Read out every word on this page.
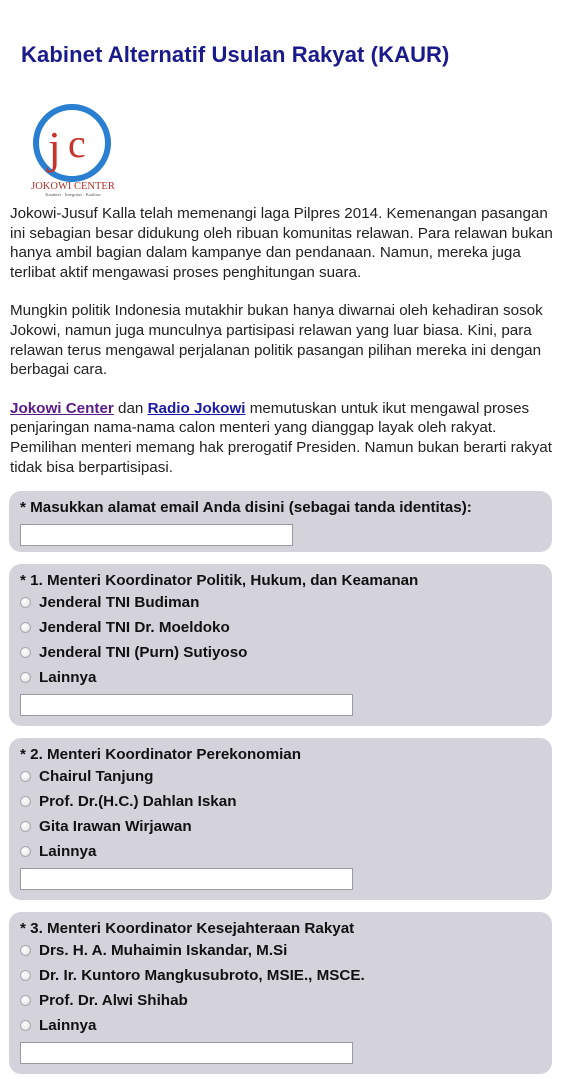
Kabinet Alternatif Usulan Rakyat (KAUR)
j c
JOKOWI CENTER
Karakter · Integritas · Kualitas

Jokowi-Jusuf Kalla telah memenangi laga Pilpres 2014. Kemenangan pasangan ini sebagian besar didukung oleh ribuan komunitas relawan. Para relawan bukan hanya ambil bagian dalam kampanye dan pendanaan. Namun, mereka juga terlibat aktif mengawasi proses penghitungan suara.

Mungkin politik Indonesia mutakhir bukan hanya diwarnai oleh kehadiran sosok Jokowi, namun juga munculnya partisipasi relawan yang luar biasa. Kini, para relawan terus mengawal perjalanan politik pasangan pilihan mereka ini dengan berbagai cara.

Jokowi Center dan Radio Jokowi memutuskan untuk ikut mengawal proses penjaringan nama-nama calon menteri yang dianggap layak oleh rakyat. Pemilihan menteri memang hak prerogatif Presiden. Namun bukan berarti rakyat tidak bisa berpartisipasi.

* Masukkan alamat email Anda disini (sebagai tanda identitas):

* 1. Menteri Koordinator Politik, Hukum, dan Keamanan

Jenderal TNI Budiman
Jenderal TNI Dr. Moeldoko
Jenderal TNI (Purn) Sutiyoso
Lainnya

* 2. Menteri Koordinator Perekonomian

Chairul Tanjung
Prof. Dr.(H.C.) Dahlan Iskan
Gita Irawan Wirjawan
Lainnya

* 3. Menteri Koordinator Kesejahteraan Rakyat

Drs. H. A. Muhaimin Iskandar, M.Si
Dr. Ir. Kuntoro Mangkusubroto, MSIE., MSCE.
Prof. Dr. Alwi Shihab
Lainnya
